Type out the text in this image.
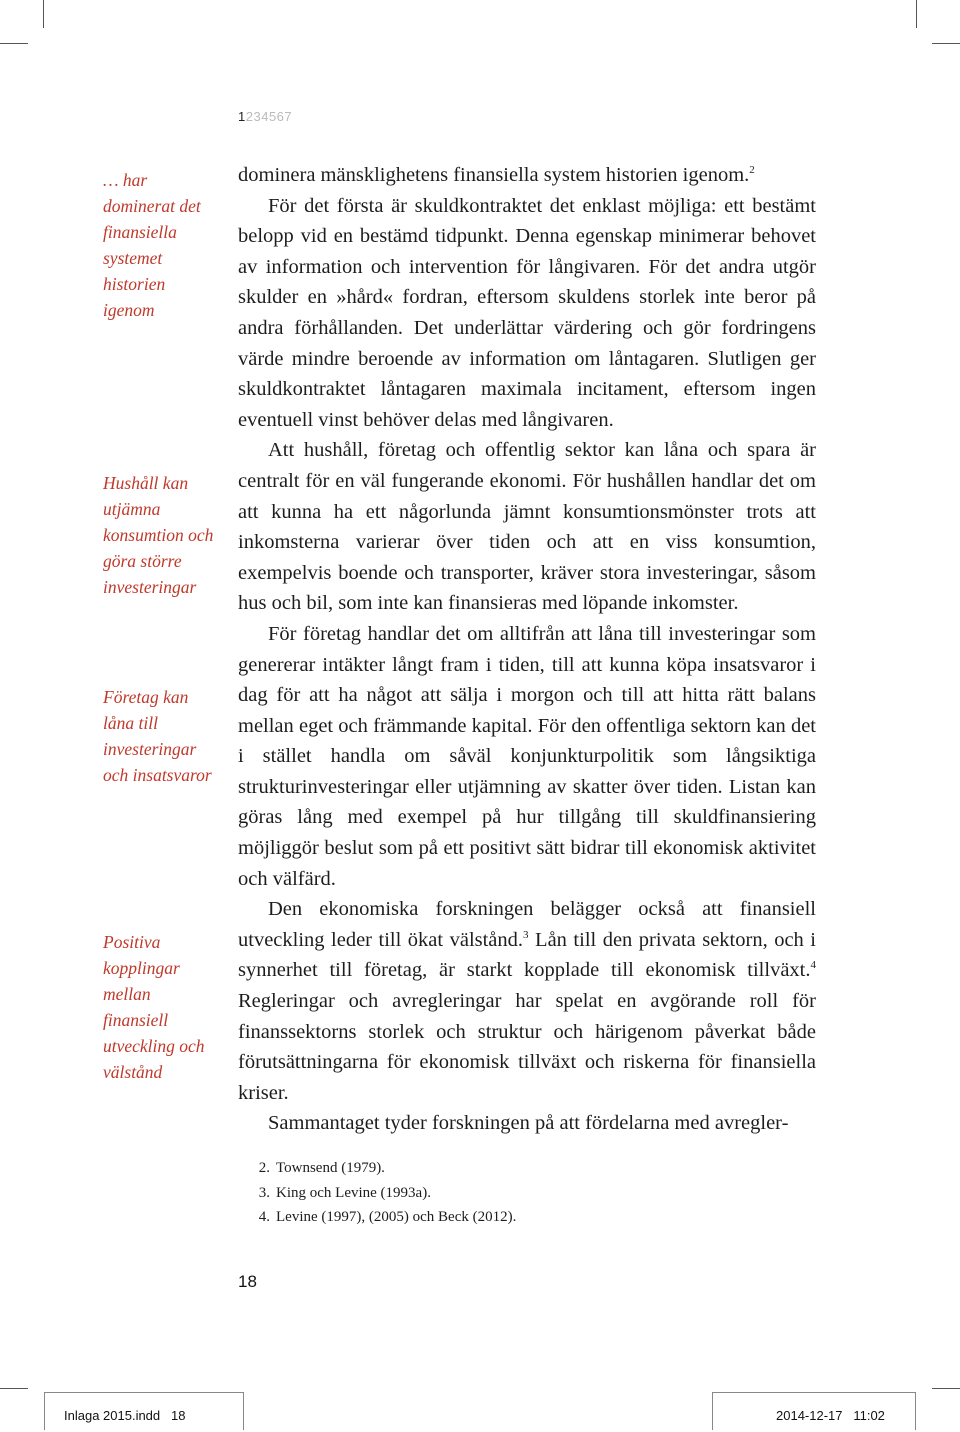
1234567
… har dominerat det finansiella systemet historien igenom
Hushåll kan utjämna konsumtion och göra större investeringar
Företag kan låna till investeringar och insatsvaror
Positiva kopplingar mellan finansiell utveckling och välstånd

dominera mänsklighetens finansiella system historien igenom.$^2$

För det första är skuldkontraktet det enklast möjliga: ett bestämt belopp vid en bestämd tidpunkt. Denna egenskap minimerar behovet av information och intervention för långivaren. För det andra utgör skulder en »hård« fordran, eftersom skuldens storlek inte beror på andra förhållanden. Det underlättar värdering och gör fordringens värde mindre beroende av information om låntagaren. Slutligen ger skuldkontraktet låntagaren maximala incitament, eftersom ingen eventuell vinst behöver delas med långivaren.

Att hushåll, företag och offentlig sektor kan låna och spara är centralt för en väl fungerande ekonomi. För hushållen handlar det om att kunna ha ett någorlunda jämnt konsumtionsmönster trots att inkomsterna varierar över tiden och att en viss konsumtion, exempelvis boende och transporter, kräver stora investeringar, såsom hus och bil, som inte kan finansieras med löpande inkomster.

För företag handlar det om alltifrån att låna till investeringar som genererar intäkter långt fram i tiden, till att kunna köpa insatsvaror i dag för att ha något att sälja i morgon och till att hitta rätt balans mellan eget och främmande kapital. För den offentliga sektorn kan det i stället handla om såväl konjunkturpolitik som långsiktiga strukturinvesteringar eller utjämning av skatter över tiden. Listan kan göras lång med exempel på hur tillgång till skuldfinansiering möjliggör beslut som på ett positivt sätt bidrar till ekonomisk aktivitet och välfärd.

Den ekonomiska forskningen belägger också att finansiell utveckling leder till ökat välstånd.$^3$ Lån till den privata sektorn, och i synnerhet till företag, är starkt kopplade till ekonomisk tillväxt.$^4$ Regleringar och avregleringar har spelat en avgörande roll för finanssektorns storlek och struktur och härigenom påverkat både förutsättningarna för ekonomisk tillväxt och riskerna för finansiella kriser.

Sammantaget tyder forskningen på att fördelarna med avregler-

2. Townsend (1979).
3. King och Levine (1993a).
4. Levine (1997), (2005) och Beck (2012).
18
Inlaga 2015.indd   18	2014-12-17   11:02
